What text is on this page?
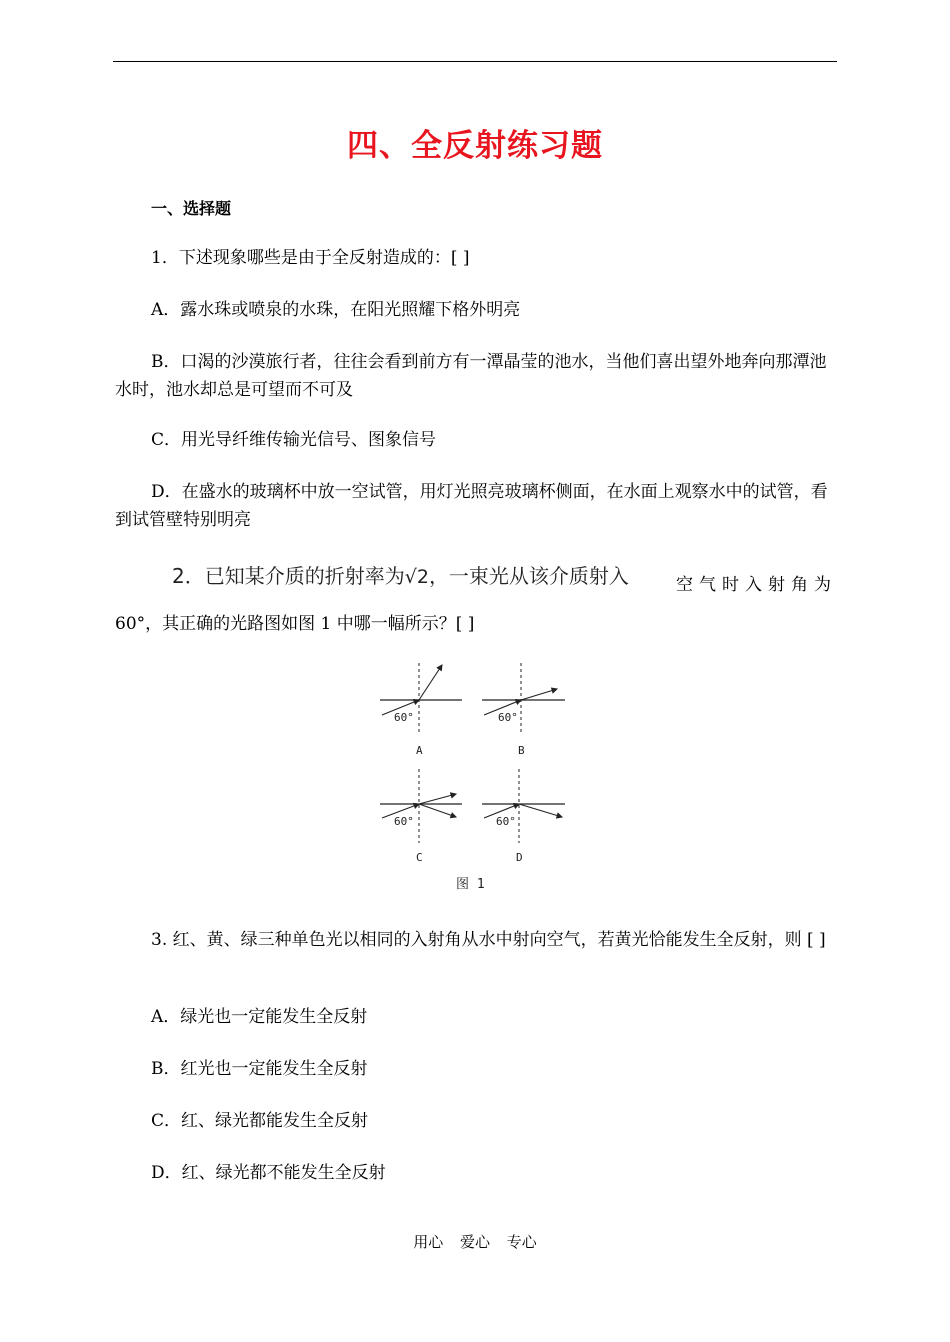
四、全反射练习题
一、选择题
1．下述现象哪些是由于全反射造成的：[ ]
A．露水珠或喷泉的水珠，在阳光照耀下格外明亮
B．口渴的沙漠旅行者，往往会看到前方有一潭晶莹的池水，当他们喜出望外地奔向那潭池水时，池水却总是可望而不可及
C．用光导纤维传输光信号、图象信号
D．在盛水的玻璃杯中放一空试管，用灯光照亮玻璃杯侧面，在水面上观察水中的试管，看到试管壁特别明亮
2．已知某介质的折射率为√2，一束光从该介质射入	空气时入射角为
60°，其正确的光路图如图 1 中哪一幅所示？[ ]
60°
A
60°
B
60°
C
60°
D
图 1
3. 红、黄、绿三种单色光以相同的入射角从水中射向空气，若黄光恰能发生全反射，则 [ ]
A．绿光也一定能发生全反射
B．红光也一定能发生全反射
C．红、绿光都能发生全反射
D．红、绿光都不能发生全反射
用心 爱心 专心
